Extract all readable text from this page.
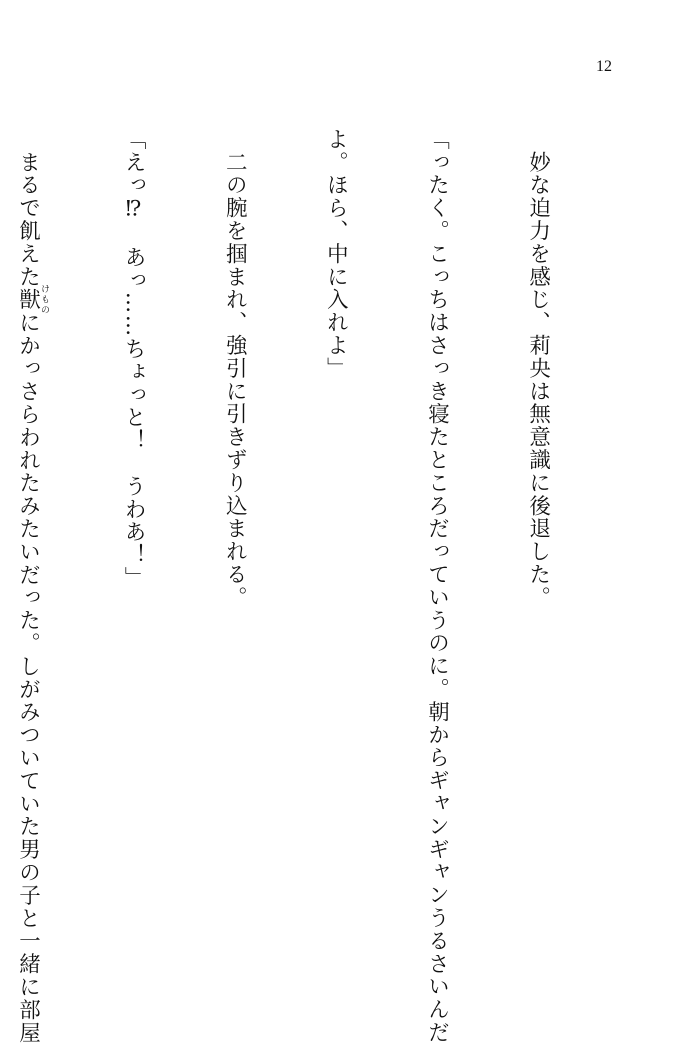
12

　妙な迫力を感じ、莉央は無意識に後退した。

「ったく。こっちはさっき寝たところだっていうのに。朝からギャンギャンうるさいんだ

よ。ほら、中に入れよ」

　二の腕を掴まれ、強引に引きずり込まれる。

「えっ⁉　あっ……ちょっと！　うわあ！」

　まるで飢えた獣けものにかっさらわれたみたいだった。しがみついていた男の子と一緒に部屋
